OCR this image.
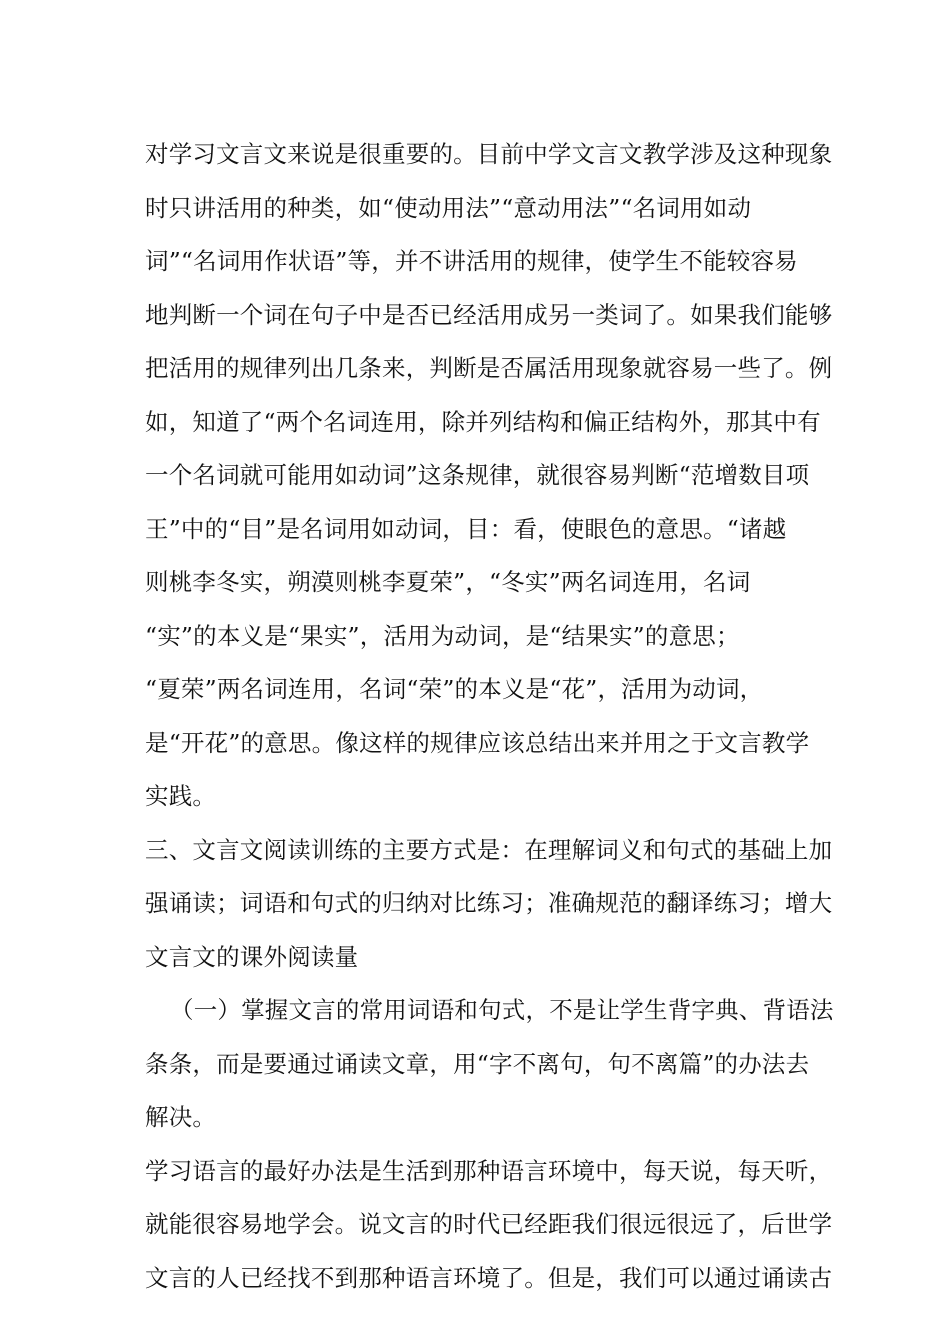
对学习文言文来说是很重要的。目前中学文言文教学涉及这种现象
时只讲活用的种类，如“使动用法”“意动用法”“名词用如动
词”“名词用作状语”等，并不讲活用的规律，使学生不能较容易
地判断一个词在句子中是否已经活用成另一类词了。如果我们能够
把活用的规律列出几条来，判断是否属活用现象就容易一些了。例
如，知道了“两个名词连用，除并列结构和偏正结构外，那其中有
一个名词就可能用如动词”这条规律，就很容易判断“范增数目项
王”中的“目”是名词用如动词，目：看，使眼色的意思。“诸越
则桃李冬实，朔漠则桃李夏荣”，“冬实”两名词连用，名词
“实”的本义是“果实”，活用为动词，是“结果实”的意思；
“夏荣”两名词连用，名词“荣”的本义是“花”，活用为动词，
是“开花”的意思。像这样的规律应该总结出来并用之于文言教学
实践。
三、文言文阅读训练的主要方式是：在理解词义和句式的基础上加
强诵读；词语和句式的归纳对比练习；准确规范的翻译练习；增大
文言文的课外阅读量
（一）掌握文言的常用词语和句式，不是让学生背字典、背语法
条条，而是要通过诵读文章，用“字不离句，句不离篇”的办法去
解决。
学习语言的最好办法是生活到那种语言环境中，每天说，每天听，
就能很容易地学会。说文言的时代已经距我们很远很远了，后世学
文言的人已经找不到那种语言环境了。但是，我们可以通过诵读古
